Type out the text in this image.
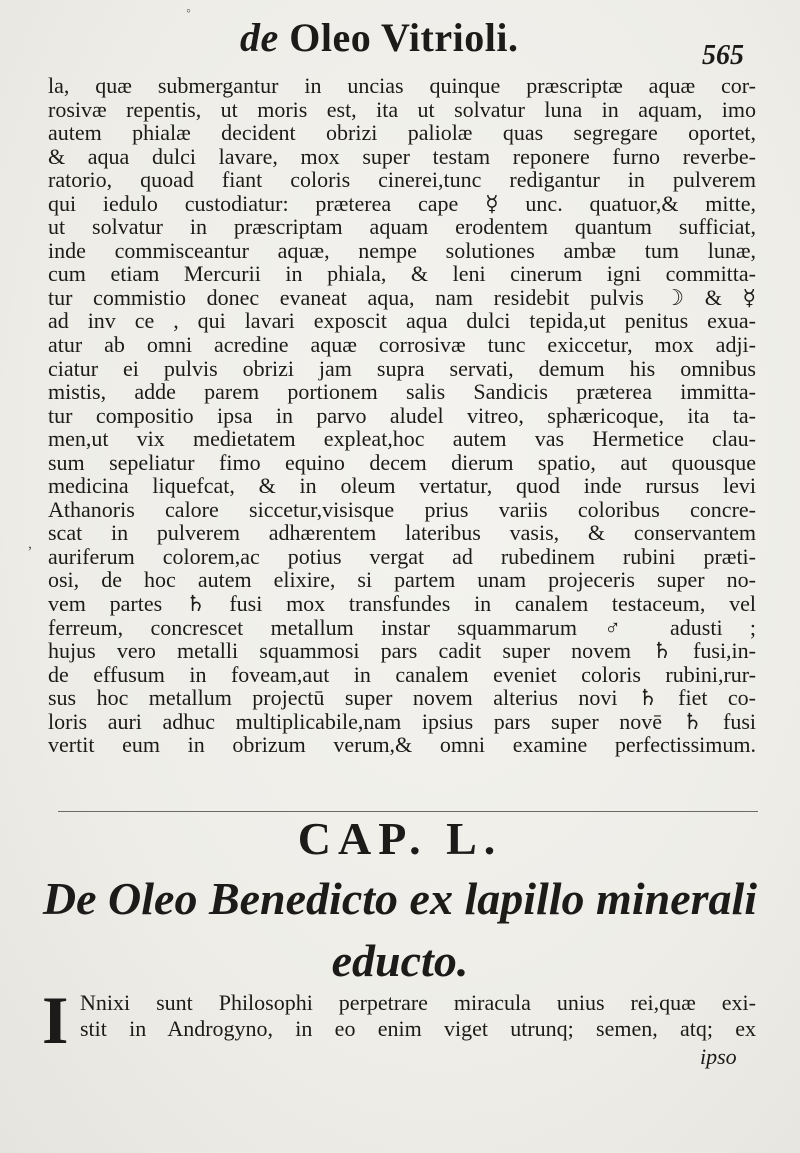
◦
de Oleo Vitrioli.	565
,
la, quæ submergantur in uncias quinque præscriptæ aquæ cor-
rosivæ repentis, ut moris est, ita ut solvatur luna in aquam, imo
autem phialæ decident obrizi paliolæ quas segregare oportet,
& aqua dulci lavare, mox super testam reponere furno reverbe-
ratorio, quoad fiant coloris cinerei,tunc redigantur in pulverem
qui iedulo custodiatur: præterea cape ☿ unc. quatuor,& mitte,
ut solvatur in præscriptam aquam erodentem quantum sufficiat,
inde commisceantur aquæ, nempe solutiones ambæ tum lunæ,
cum etiam Mercurii in phiala, & leni cinerum igni committa-
tur commistio donec evaneat aqua, nam residebit pulvis ☽ & ☿
ad inv ce , qui lavari exposcit aqua dulci tepida,ut penitus exua-
atur ab omni acredine aquæ corrosivæ tunc exiccetur, mox adji-
ciatur ei pulvis obrizi jam supra servati, demum his omnibus
mistis, adde parem portionem salis Sandicis præterea immitta-
tur compositio ipsa in parvo aludel vitreo, sphæricoque, ita ta-
men,ut vix medietatem expleat,hoc autem vas Hermetice clau-
sum sepeliatur fimo equino decem dierum spatio, aut quousque
medicina liquefcat, & in oleum vertatur, quod inde rursus levi
Athanoris calore siccetur,visisque prius variis coloribus concre-
scat in pulverem adhærentem lateribus vasis, & conservantem
auriferum colorem,ac potius vergat ad rubedinem rubini præti-
osi, de hoc autem elixire, si partem unam projeceris super no-
vem partes ♄ fusi mox transfundes in canalem testaceum, vel
ferreum, concrescet metallum instar squammarum ♂ adusti ;
hujus vero metalli squammosi pars cadit super novem ♄ fusi,in-
de effusum in foveam,aut in canalem eveniet coloris rubini,rur-
sus hoc metallum projectū super novem alterius novi ♄ fiet co-
loris auri adhuc multiplicabile,nam ipsius pars super novē ♄ fusi
vertit eum in obrizum verum,& omni examine perfectissimum.
CAP. L.
De Oleo Benedicto ex lapillo minerali
educto.
I Nnixi sunt Philosophi perpetrare miracula unius rei,quæ exi-
stit in Androgyno, in eo enim viget utrunq; semen, atq; ex
ipso
